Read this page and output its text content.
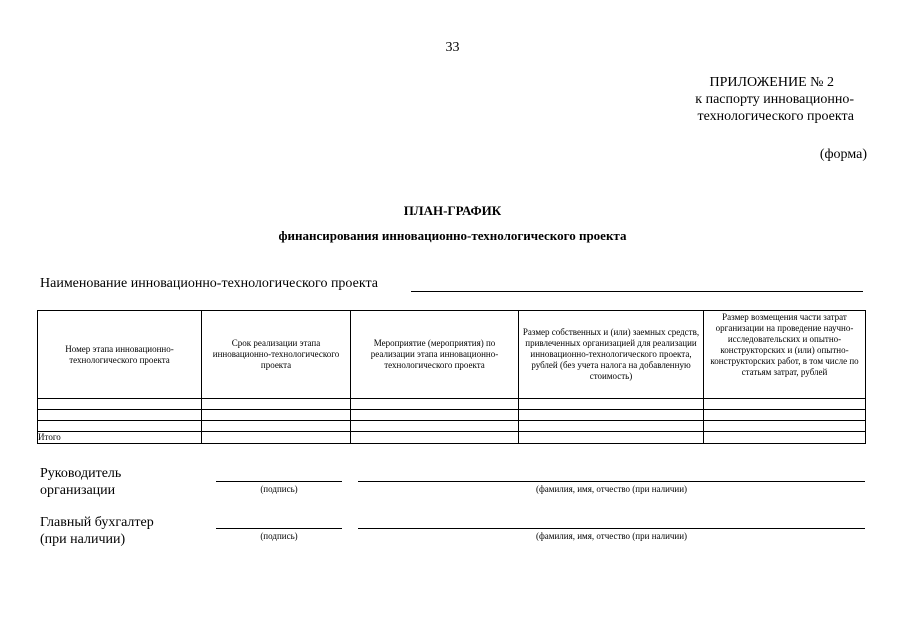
33
ПРИЛОЖЕНИЕ № 2
к паспорту инновационно-
технологического проекта
(форма)
ПЛАН-ГРАФИК
финансирования инновационно-технологического проекта
Наименование инновационно-технологического проекта
Номер этапа инновационно-технологического проекта	Срок реализации этапа инновационно-технологического проекта	Мероприятие (мероприятия) по реализации этапа инновационно-технологического проекта	Размер собственных и (или) заемных средств, привлеченных организацией для реализации инновационно-технологического проекта, рублей (без учета налога на добавленную стоимость)	Размер возмещения части затрат организации на проведение научно-исследовательских и опытно-конструкторских и (или) опытно-конструкторских работ, в том числе по статьям затрат, рублей

Итого				
Руководитель
организации	(подпись)	(фамилия, имя, отчество (при наличии)
Главный бухгалтер
(при наличии)	(подпись)	(фамилия, имя, отчество (при наличии)
